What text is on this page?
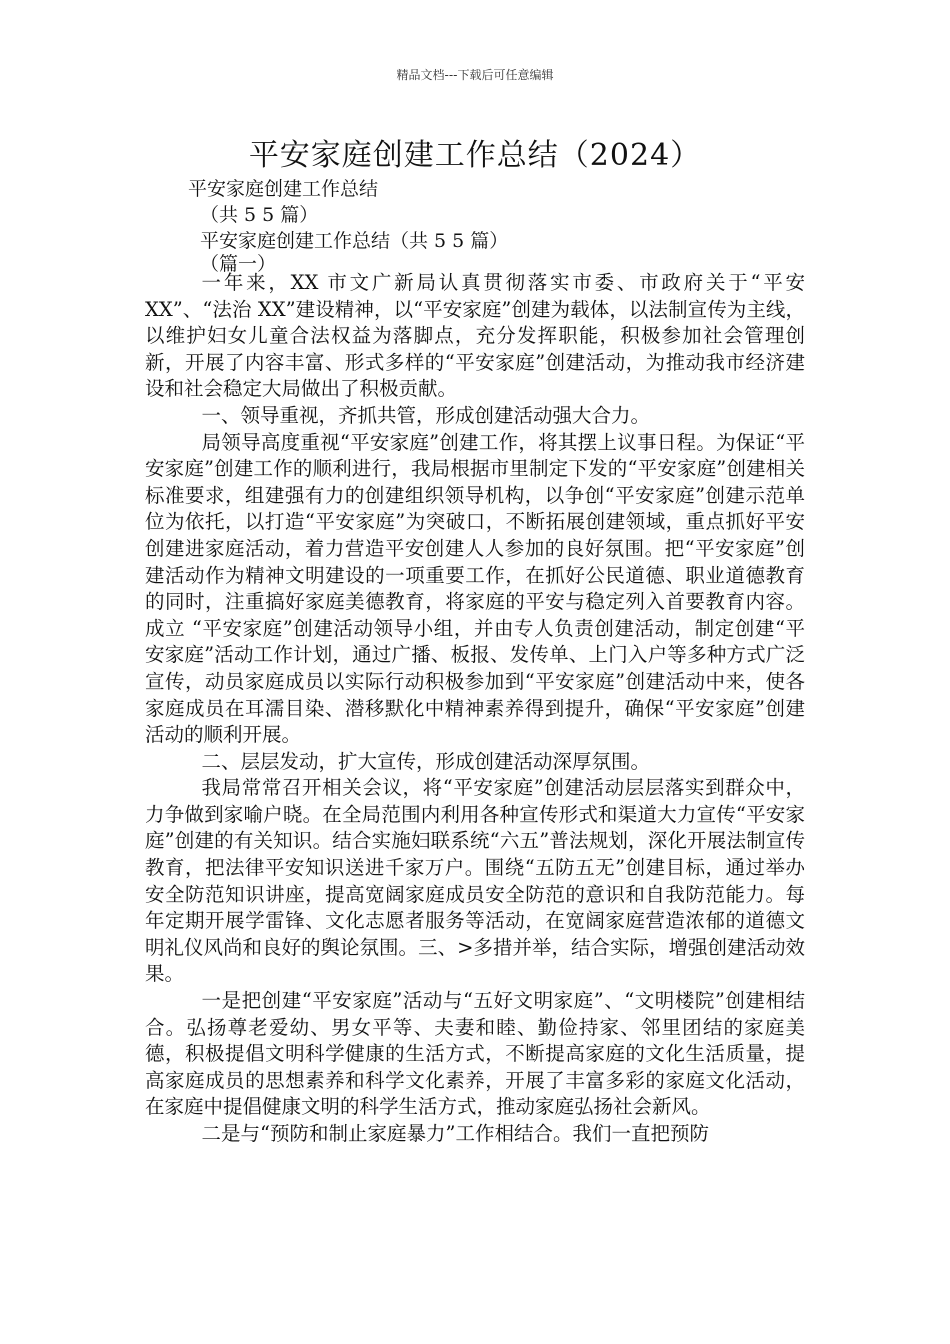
精品文档---下载后可任意编辑
平安家庭创建工作总结（2024）
平安家庭创建工作总结
（共 5 5 篇）
平安家庭创建工作总结（共 5 5 篇）
（篇一）

一年来，XX 市文广新局认真贯彻落实市委、市政府关于“平安 XX”、“法治 XX”建设精神，以“平安家庭”创建为载体，以法制宣传为主线，以维护妇女儿童合法权益为落脚点，充分发挥职能，积极参加社会管理创新，开展了内容丰富、形式多样的“平安家庭”创建活动，为推动我市经济建设和社会稳定大局做出了积极贡献。

一、领导重视，齐抓共管，形成创建活动强大合力。

局领导高度重视“平安家庭”创建工作，将其摆上议事日程。为保证“平安家庭”创建工作的顺利进行，我局根据市里制定下发的“平安家庭”创建相关标准要求，组建强有力的创建组织领导机构，以争创“平安家庭”创建示范单位为依托，以打造“平安家庭”为突破口，不断拓展创建领域，重点抓好平安创建进家庭活动，着力营造平安创建人人参加的良好氛围。把“平安家庭”创建活动作为精神文明建设的一项重要工作，在抓好公民道德、职业道德教育的同时，注重搞好家庭美德教育，将家庭的平安与稳定列入首要教育内容。成立 “平安家庭”创建活动领导小组，并由专人负责创建活动，制定创建“平安家庭”活动工作计划，通过广播、板报、发传单、上门入户等多种方式广泛宣传，动员家庭成员以实际行动积极参加到“平安家庭”创建活动中来，使各家庭成员在耳濡目染、潜移默化中精神素养得到提升，确保“平安家庭”创建活动的顺利开展。

二、层层发动，扩大宣传，形成创建活动深厚氛围。

我局常常召开相关会议，将“平安家庭”创建活动层层落实到群众中，力争做到家喻户晓。在全局范围内利用各种宣传形式和渠道大力宣传“平安家庭”创建的有关知识。结合实施妇联系统“六五”普法规划，深化开展法制宣传教育，把法律平安知识送进千家万户。围绕“五防五无”创建目标，通过举办安全防范知识讲座，提高宽阔家庭成员安全防范的意识和自我防范能力。每年定期开展学雷锋、文化志愿者服务等活动，在宽阔家庭营造浓郁的道德文明礼仪风尚和良好的舆论氛围。三、>多措并举，结合实际，增强创建活动效果。

一是把创建“平安家庭”活动与“五好文明家庭”、“文明楼院”创建相结合。弘扬尊老爱幼、男女平等、夫妻和睦、勤俭持家、邻里团结的家庭美德，积极提倡文明科学健康的生活方式，不断提高家庭的文化生活质量，提高家庭成员的思想素养和科学文化素养，开展了丰富多彩的家庭文化活动，在家庭中提倡健康文明的科学生活方式，推动家庭弘扬社会新风。

二是与“预防和制止家庭暴力”工作相结合。我们一直把预防
